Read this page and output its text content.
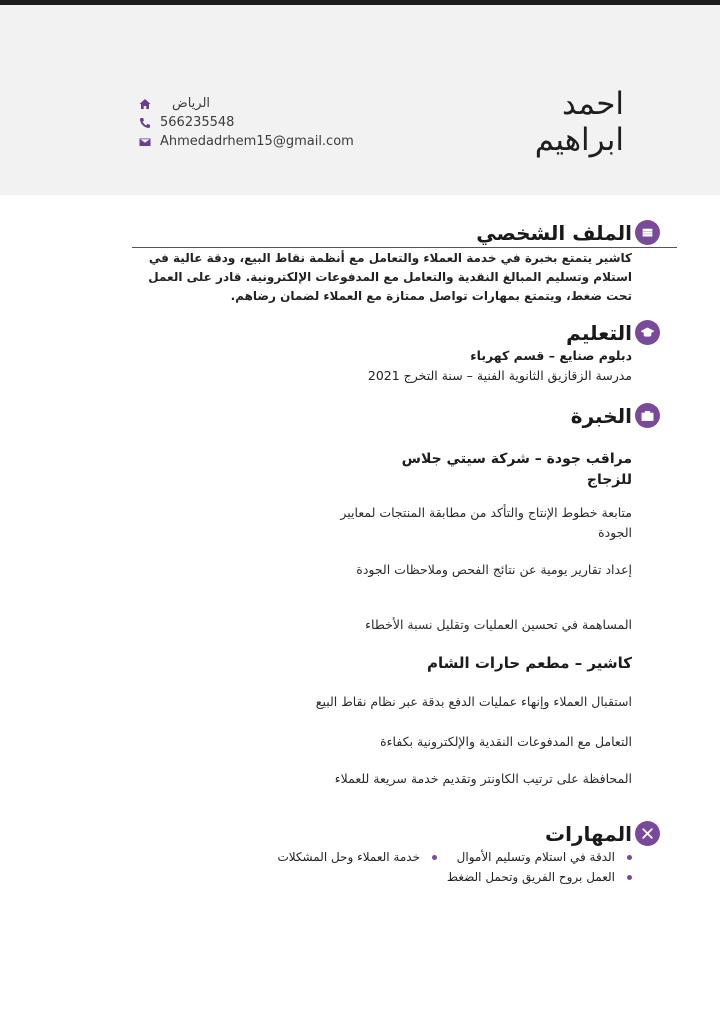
احمد
ابراهيم
الرياض
566235548
Ahmedadrhem15@gmail.com
الملف الشخصي
كاشير يتمتع بخبرة في خدمة العملاء والتعامل مع أنظمة نقاط البيع، ودقة عالية في استلام وتسليم المبالغ النقدية والتعامل مع المدفوعات الإلكترونية. قادر على العمل تحت ضغط، ويتمتع بمهارات تواصل ممتازة مع العملاء لضمان رضاهم.
التعليم
دبلوم صنايع – قسم كهرباء
مدرسة الزقازيق الثانوية الفنية – سنة التخرج 2021
الخبرة
مراقب جودة – شركة سيتي جلاس للزجاج
متابعة خطوط الإنتاج والتأكد من مطابقة المنتجات لمعايير الجودة
إعداد تقارير يومية عن نتائج الفحص وملاحظات الجودة
المساهمة في تحسين العمليات وتقليل نسبة الأخطاء
كاشير – مطعم حارات الشام
استقبال العملاء وإنهاء عمليات الدفع بدقة عبر نظام نقاط البيع
التعامل مع المدفوعات النقدية والإلكترونية بكفاءة
المحافظة على ترتيب الكاونتر وتقديم خدمة سريعة للعملاء
المهارات
الدقة في استلام وتسليم الأموال
خدمة العملاء وحل المشكلات
العمل بروح الفريق وتحمل الضغط
